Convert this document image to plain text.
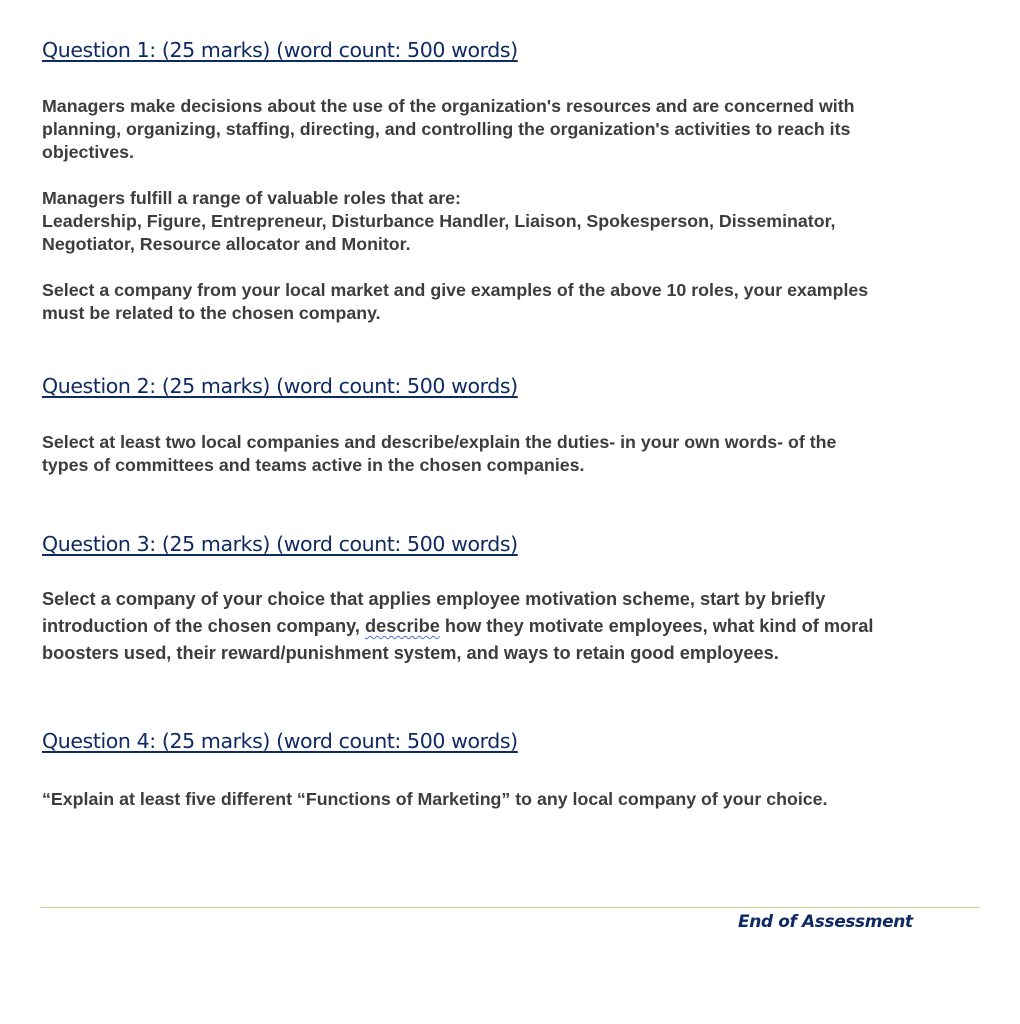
Question 1: (25 marks) (word count: 500 words)

Managers make decisions about the use of the organization's resources and are concerned with
planning, organizing, staffing, directing, and controlling the organization's activities to reach its
objectives.

Managers fulfill a range of valuable roles that are:
Leadership, Figure, Entrepreneur, Disturbance Handler, Liaison, Spokesperson, Disseminator,
Negotiator, Resource allocator and Monitor.

Select a company from your local market and give examples of the above 10 roles, your examples
must be related to the chosen company.

Question 2: (25 marks) (word count: 500 words)

Select at least two local companies and describe/explain the duties- in your own words- of the
types of committees and teams active in the chosen companies.

Question 3: (25 marks) (word count: 500 words)

Select a company of your choice that applies employee motivation scheme, start by briefly
introduction of the chosen company, describe how they motivate employees, what kind of moral
boosters used, their reward/punishment system, and ways to retain good employees.

Question 4: (25 marks) (word count: 500 words)

“Explain at least five different “Functions of Marketing” to any local company of your choice.

End of Assessment
